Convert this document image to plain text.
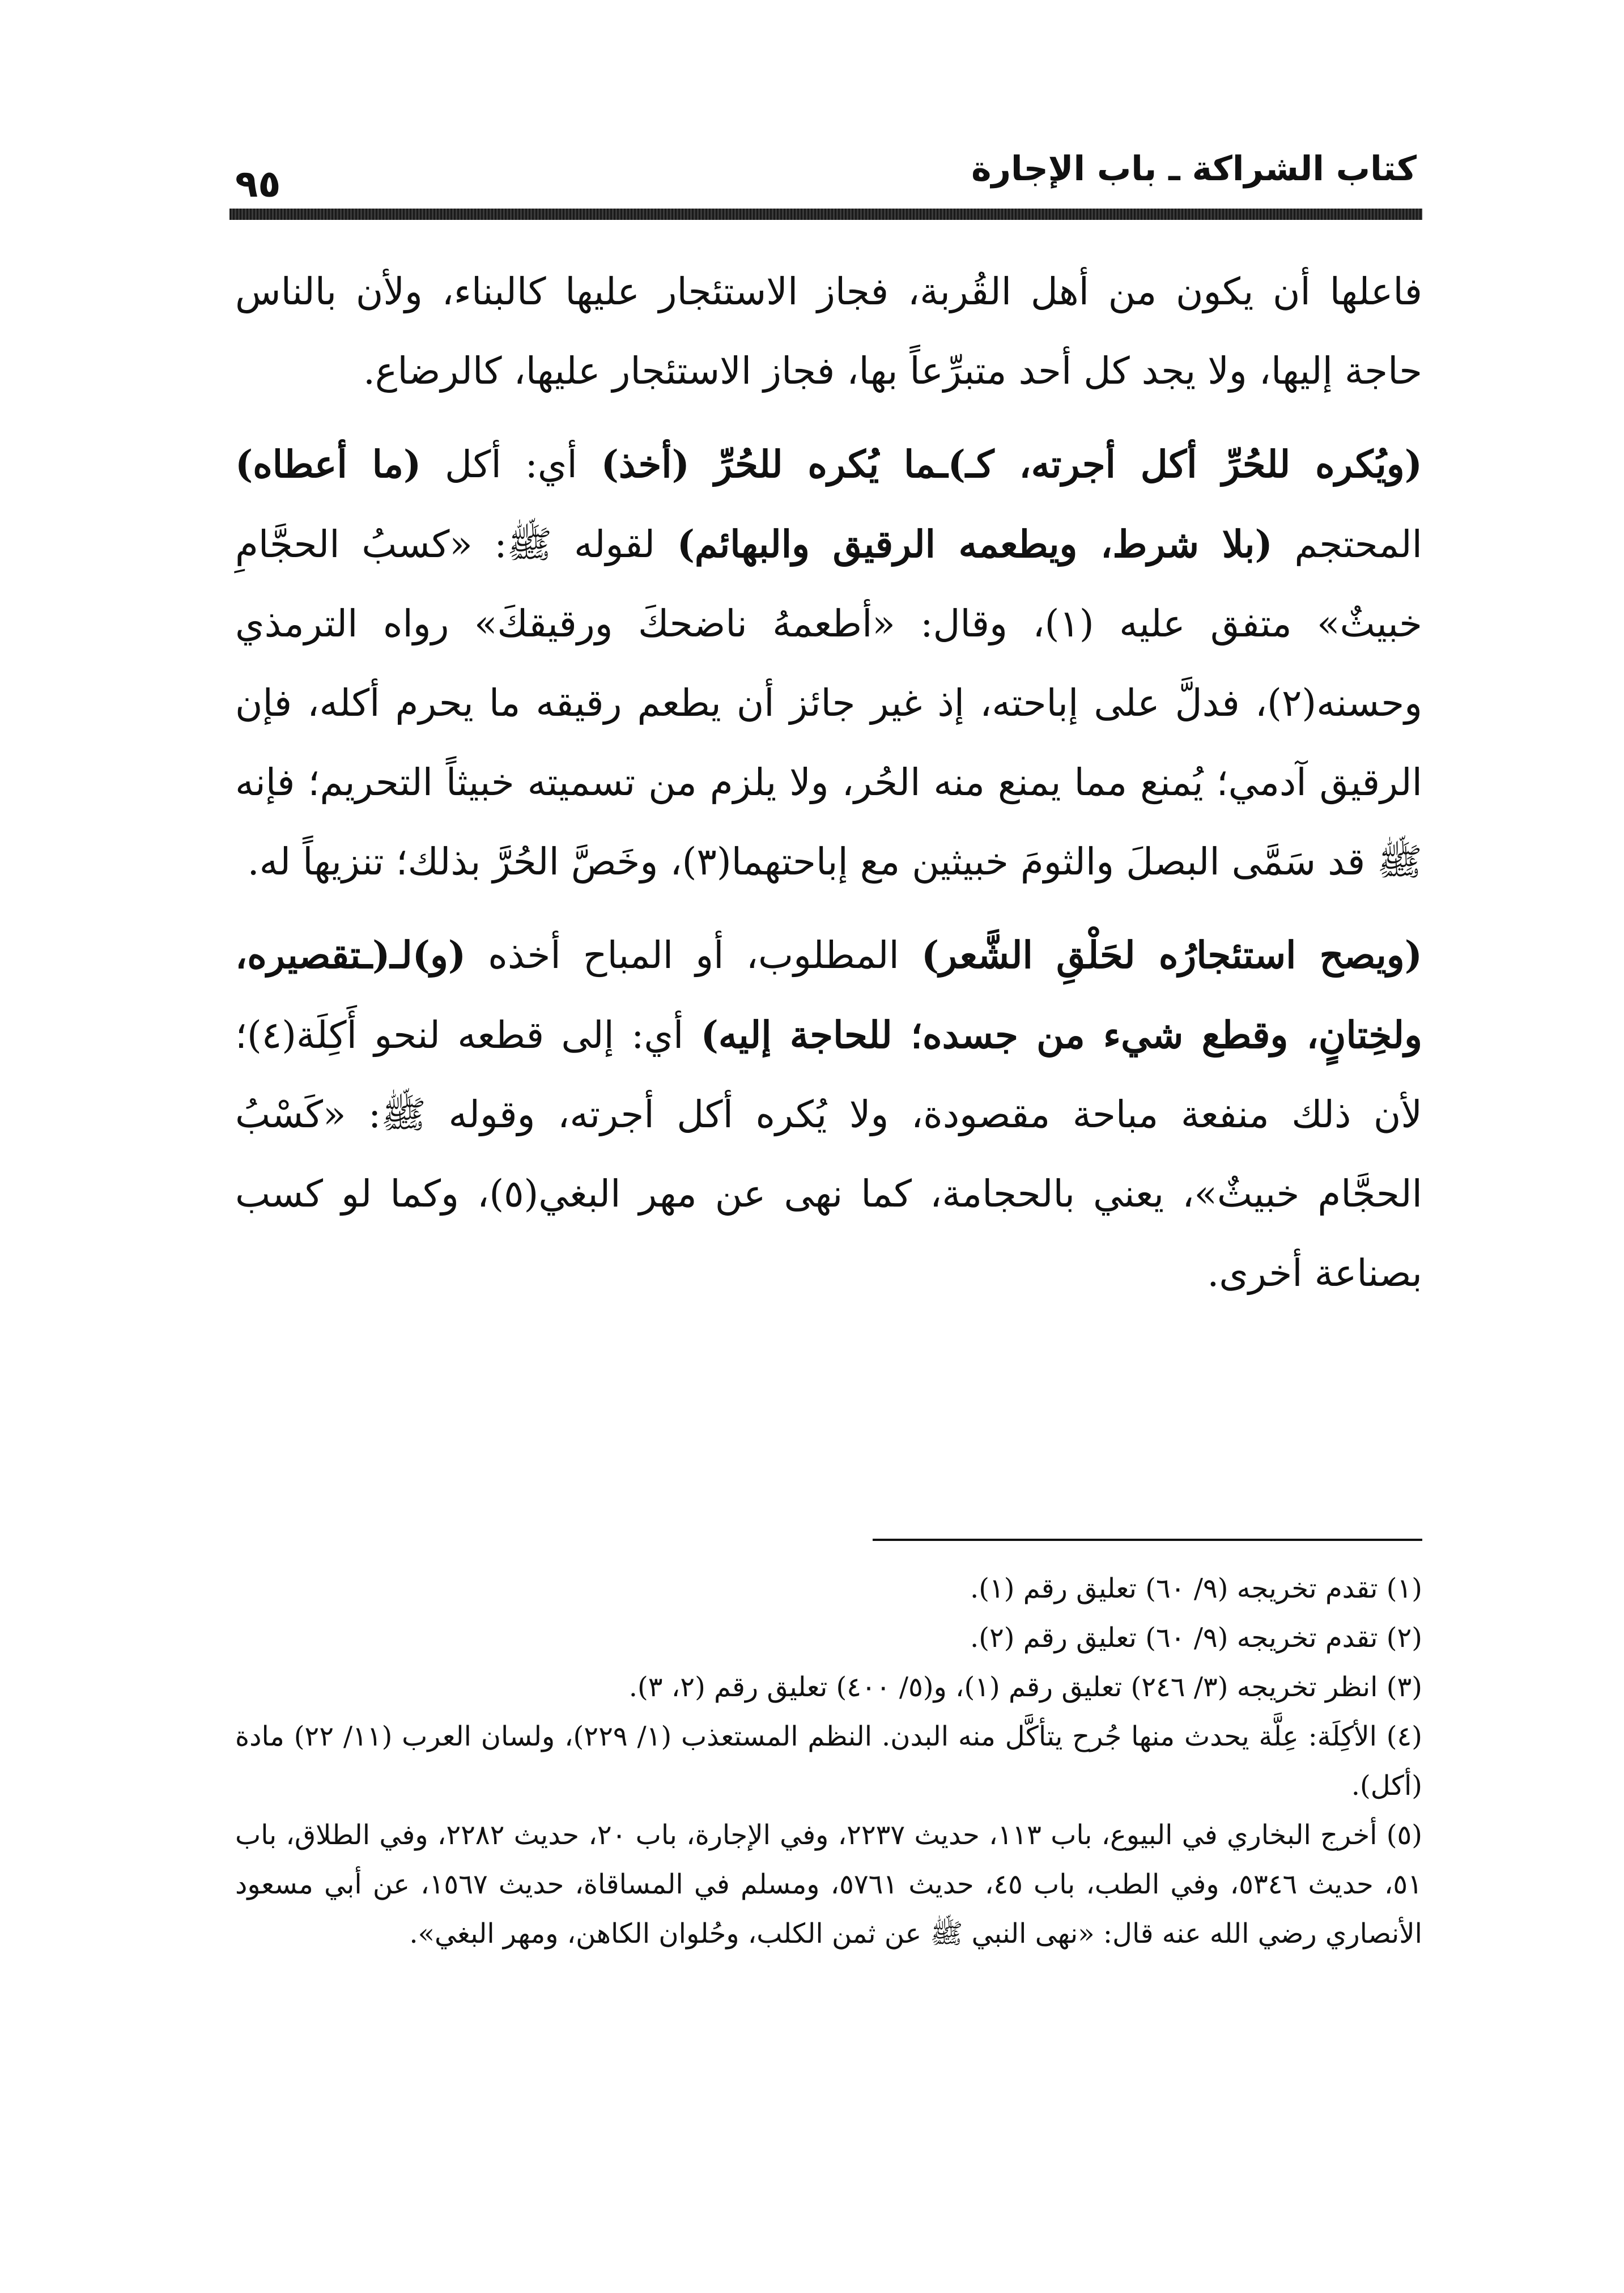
٩٥	كتاب الشراكة ـ باب الإجارة

فاعلها أن يكون من أهل القُربة، فجاز الاستئجار عليها كالبناء، ولأن بالناس حاجة إليها، ولا يجد كل أحد متبرِّعاً بها، فجاز الاستئجار عليها، كالرضاع.

(ويُكره للحُرِّ أكل أجرته، كـ)ـما يُكره للحُرِّ (أخذ) أي: أكل (ما أعطاه) المحتجم (بلا شرط، ويطعمه الرقيق والبهائم) لقوله ﷺ: «كسبُ الحجَّامِ خبيثٌ» متفق عليه (١)، وقال: «أطعمهُ ناضحكَ ورقيقكَ» رواه الترمذي وحسنه(٢)، فدلَّ على إباحته، إذ غير جائز أن يطعم رقيقه ما يحرم أكله، فإن الرقيق آدمي؛ يُمنع مما يمنع منه الحُر، ولا يلزم من تسميته خبيثاً التحريم؛ فإنه ﷺ قد سَمَّى البصلَ والثومَ خبيثين مع إباحتهما(٣)، وخَصَّ الحُرَّ بذلك؛ تنزيهاً له.

(ويصح استئجارُه لحَلْقِ الشَّعر) المطلوب، أو المباح أخذه (و)لـ(ـتقصيره، ولخِتانٍ، وقطع شيء من جسده؛ للحاجة إليه) أي: إلى قطعه لنحو أَكِلَة(٤)؛ لأن ذلك منفعة مباحة مقصودة، ولا يُكره أكل أجرته، وقوله ﷺ: «كَسْبُ الحجَّام خبيثٌ»، يعني بالحجامة، كما نهى عن مهر البغي(٥)، وكما لو كسب بصناعة أخرى.

(١) تقدم تخريجه (٩/ ٦٠) تعليق رقم (١).

(٢) تقدم تخريجه (٩/ ٦٠) تعليق رقم (٢).

(٣) انظر تخريجه (٣/ ٢٤٦) تعليق رقم (١)، و(٥/ ٤٠٠) تعليق رقم (٢، ٣).

(٤) الأكِلَة: عِلَّة يحدث منها جُرح يتأكَّل منه البدن. النظم المستعذب (١/ ٢٢٩)، ولسان العرب (١١/ ٢٢) مادة (أكل).

(٥) أخرج البخاري في البيوع، باب ١١٣، حديث ٢٢٣٧، وفي الإجارة، باب ٢٠، حديث ٢٢٨٢، وفي الطلاق، باب ٥١، حديث ٥٣٤٦، وفي الطب، باب ٤٥، حديث ٥٧٦١، ومسلم في المساقاة، حديث ١٥٦٧، عن أبي مسعود الأنصاري رضي الله عنه قال: «نهى النبي ﷺ عن ثمن الكلب، وحُلوان الكاهن، ومهر البغي».
